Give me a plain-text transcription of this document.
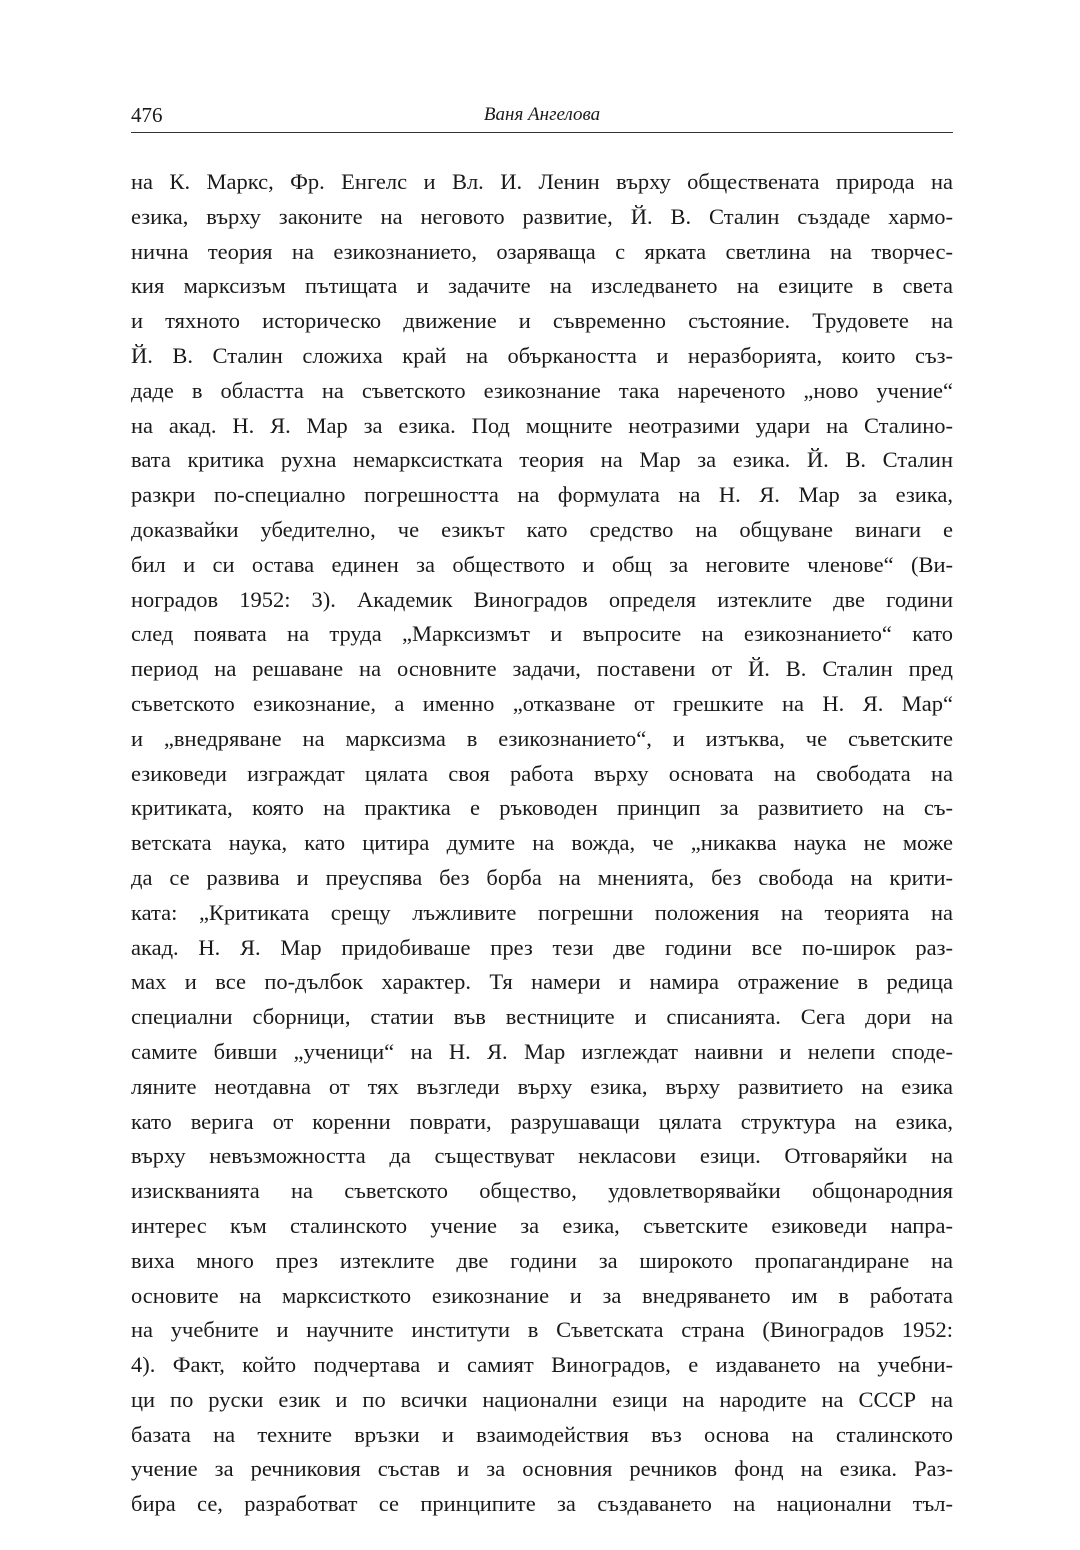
476	Ваня Ангелова
на К. Маркс, Фр. Енгелс и Вл. И. Ленин върху обществената природа на
езика, върху законите на неговото развитие, Й. В. Сталин създаде хармо-
нична теория на езикознанието, озаряваща с ярката светлина на творчес-
кия марксизъм пътищата и задачите на изследването на езиците в света
и тяхното историческо движение и съвременно състояние. Трудовете на
Й. В. Сталин сложиха край на объркаността и неразборията, които съз-
даде в областта на съветското езикознание така нареченото „ново учение“
на акад. Н. Я. Мар за езика. Под мощните неотразими удари на Сталино-
вата критика рухна немарксистката теория на Мар за езика. Й. В. Сталин
разкри по-специално погрешността на формулата на Н. Я. Мар за езика,
доказвайки убедително, че езикът като средство на общуване винаги е
бил и си остава единен за обществото и общ за неговите членове“ (Ви-
ноградов 1952: 3). Академик Виноградов определя изтеклите две години
след появата на труда „Марксизмът и въпросите на езикознанието“ като
период на решаване на основните задачи, поставени от Й. В. Сталин пред
съветското езикознание, а именно „отказване от грешките на Н. Я. Мар“
и „внедряване на марксизма в езикознанието“, и изтъква, че съветските
езиковеди изграждат цялата своя работа върху основата на свободата на
критиката, която на практика е ръководен принцип за развитието на съ-
ветската наука, като цитира думите на вожда, че „никаква наука не може
да се развива и преуспява без борба на мненията, без свобода на крити-
ката: „Критиката срещу лъжливите погрешни положения на теорията на
акад. Н. Я. Мар придобиваше през тези две години все по-широк раз-
мах и все по-дълбок характер. Тя намери и намира отражение в редица
специални сборници, статии във вестниците и списанията. Сега дори на
самите бивши „ученици“ на Н. Я. Мар изглеждат наивни и нелепи споде-
ляните неотдавна от тях възгледи върху езика, върху развитието на езика
като верига от коренни поврати, разрушаващи цялата структура на езика,
върху невъзможността да съществуват некласови езици. Отговаряйки на
изискванията на съветското общество, удовлетворявайки общонародния
интерес към сталинското учение за езика, съветските езиковеди напра-
виха много през изтеклите две години за широкото пропагандиране на
основите на марксисткото езикознание и за внедряването им в работата
на учебните и научните институти в Съветската страна (Виноградов 1952:
4). Факт, който подчертава и самият Виноградов, е издаването на учебни-
ци по руски език и по всички национални езици на народите на СССР на
базата на техните връзки и взаимодействия въз основа на сталинското
учение за речниковия състав и за основния речников фонд на езика. Раз-
бира се, разработват се принципите за създаването на национални тъл-
